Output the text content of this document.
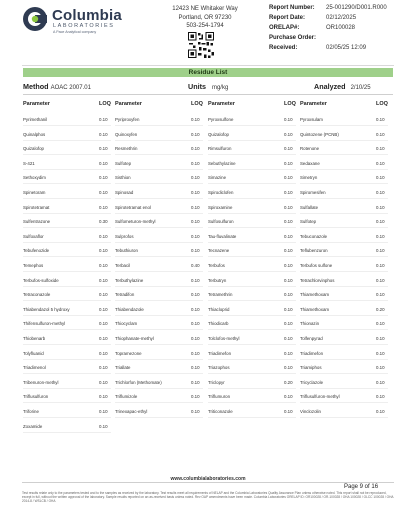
Columbia
LABORATORIES
A Pace Analytical company
12423 NE Whitaker Way
Portland, OR 97230
503-254-1794
Report Number: 25-001290/D001.R000
Report Date:	02/12/2025
ORELAP#:	OR100028
Purchase Order:
Received:	02/05/25 12:09
Residue List
Method AOAC 2007.01	Units mg/kg	Analyzed 2/10/25
Parameter	LOQ
Pyrimethanil	0.10
Quinalphos	0.10
Quizalofop	0.10
S-421	0.10
Sethoxydim	0.10
Spinetoram	0.10
Spirotetramat	0.10
Sulfentrazone	0.30
Sulfoxaflor	0.10
Tebufenozide	0.10
Temephos	0.10
Terbufos-sulfoxide	0.10
Tetraconazole	0.10
Thiabendazol 5 hydroxy	0.10
Thifensulfuron-methyl	0.10
Thiobenarb	0.10
Tolyfluanid	0.10
Triadimenol	0.10
Tribenuron-methyl	0.10
Triflusulfuron	0.10
Triforine	0.10
Zoxamide	0.10
Parameter	LOQ
Pyriproxyfen	0.10
Quinoxyfen	0.10
Resmethrin	0.10
Sulfotep	0.10
Sisthion	0.10
Spinosad	0.10
Spirotetramat enol	0.10
Sulfometuron-methyl	0.10
Sulprofos	0.10
Tebuthiuron	0.10
Terbacil	0.40
Terbuthylazine	0.10
Tetradifon	0.10
Thiabendazole	0.10
Thiocyclam	0.10
Thiophanate-methyl	0.10
Topramezone	0.10
Triallate	0.10
Trichlorfon (Methomate)	0.10
Triflumizole	0.10
Trinexapac-ethyl	0.10
Parameter	LOQ
Pyroxsulfone	0.10
Quizalofop	0.10
Rimsulfuron	0.10
Sebuthylazine	0.10
Simazine	0.10
Spirodiclofen	0.10
Spiroxamine	0.10
Sulfosulfuron	0.10
Tau-fluvalinate	0.10
Tecnazene	0.10
Terbufos	0.10
Terbutryn	0.10
Tetramethrin	0.10
Thiacloprid	0.10
Thiodicarb	0.10
Tolclofos-methyl	0.10
Triadimefon	0.10
Triazophos	0.10
Triclopyr	0.20
Triflumuron	0.10
Triticonazole	0.10
Parameter	LOQ
Pyroxsulam	0.10
Quintozene (PCNB)	0.10
Rotenone	0.10
Sedaxane	0.10
Simetryn	0.10
Spiromesifen	0.10
Sulfallate	0.10
Sulfotep	0.10
Tebuconazole	0.10
Teflubenzuron	0.10
Terbufos sulfone	0.10
Tetrachlorvinphos	0.10
Thiamethoxam	0.10
Thiamethoxam	0.20
Thionazin	0.10
Tolfenpyrad	0.10
Triadimefon	0.10
Triamiphos	0.10
Tricyclazole	0.10
Triflusulfuron-methyl	0.10
Vinclozolin	0.10
www.columbialaboratories.com
Page 9 of 16
Test results relate only to the parameters tested and to the samples as received by the laboratory. Test results meet all requirements of NELAP and the Columbia Laboratories Quality Assurance Plan unless otherwise noted. This report shall not be reproduced, except in full, without the written approval of the laboratory. Sample results reported on an as-received basis unless noted. Rev OAP amendments have been made. Columbia Laboratories ORELAP ID: OR100028 / OR-100028 / OHA 100028 / OLCC 100028 / OHA 2014-8 / WSLCB / OHA
